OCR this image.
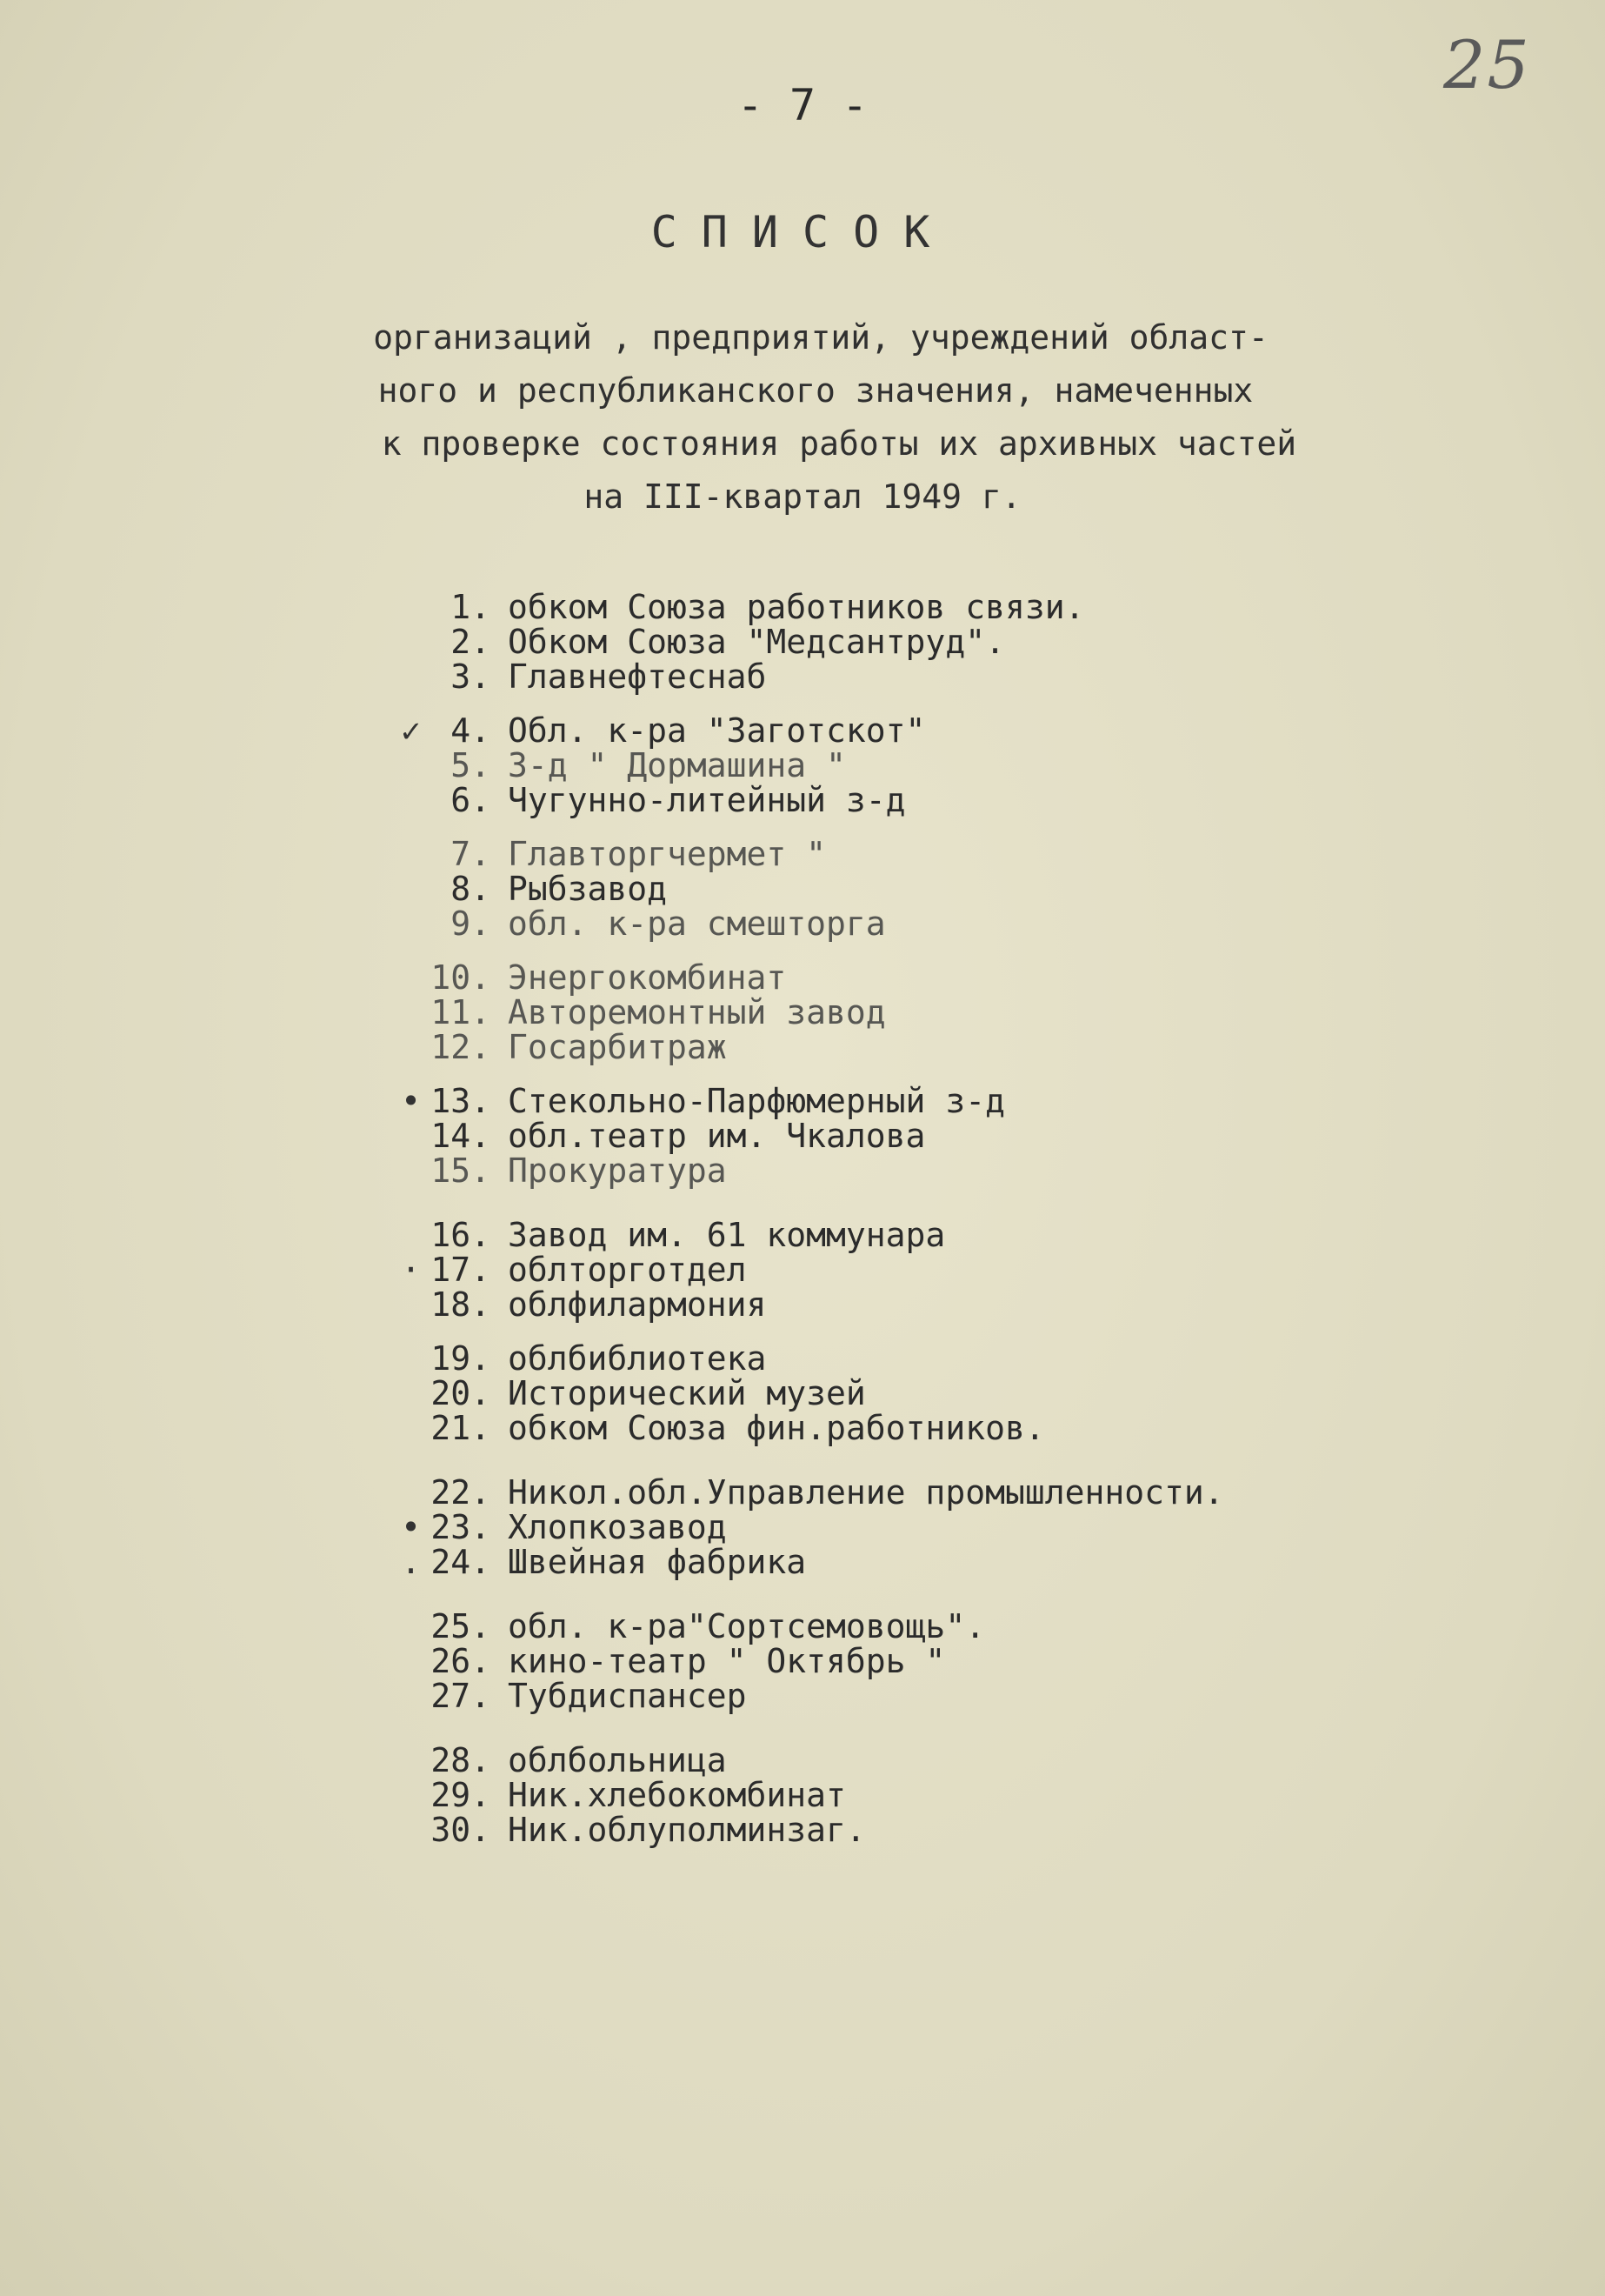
25
- 7 -
СПИСОК
организаций , предприятий, учреждений област-
ного и республиканского значения, намеченных
к проверке состояния работы их архивных частей
на III-квартал 1949 г.
1. обком Союза работников связи.
2. Обком Союза "Медсантруд".
3. Главнефтеснаб
✓ 4. Обл. к-ра "Заготскот"
5. З-д " Дормашина "
6. Чугунно-литейный з-д
7. Главторгчермет "
8. Рыбзавод
9. обл. к-ра смешторга
10. Энергокомбинат
11. Авторемонтный завод
12. Госарбитраж
• 13. Стекольно-Парфюмерный з-д
14. обл.театр им. Чкалова
15. Прокуратура
16. Завод им. 61 коммунара
· 17. облторготдел
18. облфилармония
19. облбиблиотека
20. Исторический музей
21. обком Союза фин.работников.
22. Никол.обл.Управление промышленности.
• 23. Хлопкозавод
. 24. Швейная фабрика
25. обл. к-ра"Сортсемовощь".
26. кино-театр " Октябрь "
27. Тубдиспансер
28. облбольница
29. Ник.хлебокомбинат
30. Ник.облуполминзаг.
